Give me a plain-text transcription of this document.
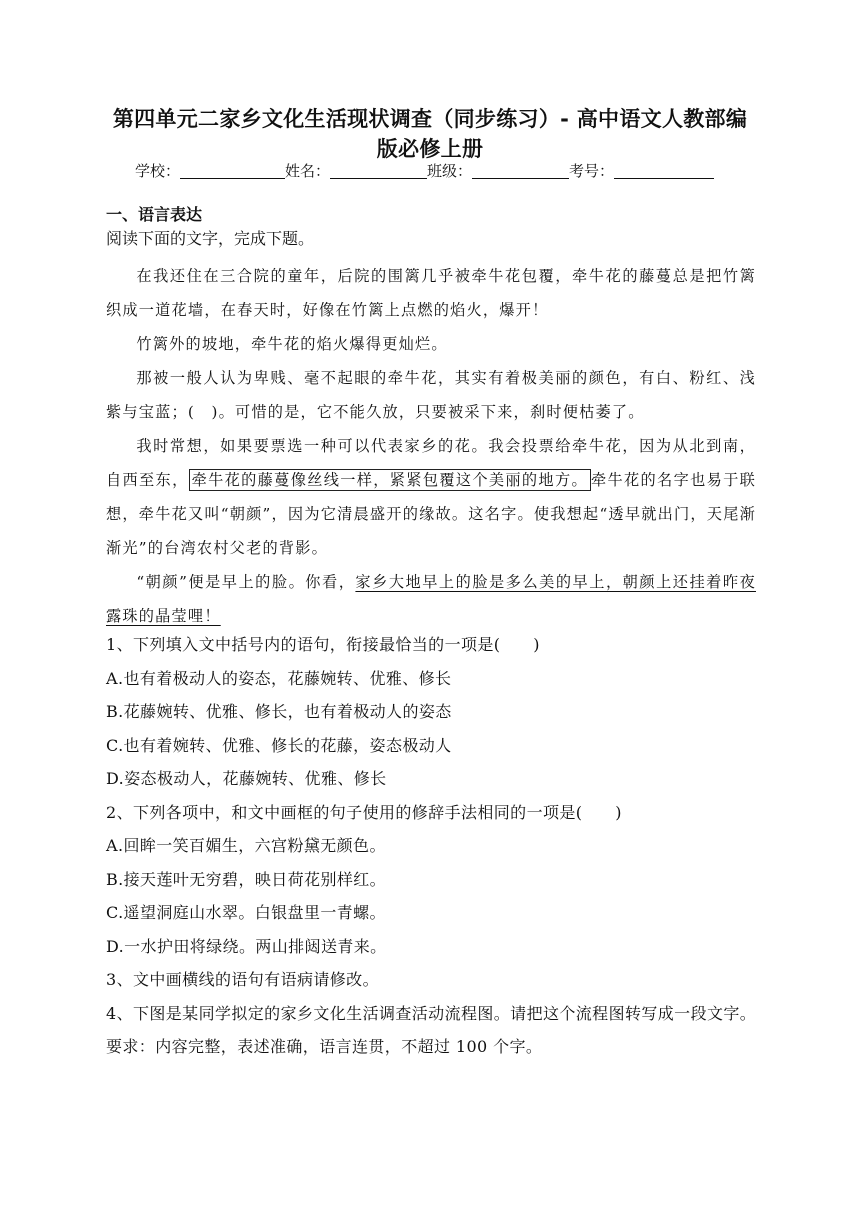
第四单元二家乡文化生活现状调查（同步练习）- 高中语文人教部编
版必修上册
学校：	姓名：	班级：	考号：
一、语言表达
阅读下面的文字，完成下题。

在我还住在三合院的童年，后院的围篱几乎被牵牛花包覆，牵牛花的藤蔓总是把竹篱织成一道花墙，在春天时，好像在竹篱上点燃的焰火，爆开！

竹篱外的坡地，牵牛花的焰火爆得更灿烂。

那被一般人认为卑贱、毫不起眼的牵牛花，其实有着极美丽的颜色，有白、粉红、浅紫与宝蓝；(　)。可惜的是，它不能久放，只要被采下来，刹时便枯萎了。

我时常想，如果要票选一种可以代表家乡的花。我会投票给牵牛花，因为从北到南，自西至东， 牵牛花的藤蔓像丝线一样，紧紧包覆这个美丽的地方。 牵牛花的名字也易于联想，牵牛花又叫“朝颜”，因为它清晨盛开的缘故。这名字。使我想起“透早就出门，天尾渐渐光”的台湾农村父老的背影。

“朝颜”便是早上的脸。你看，家乡大地早上的脸是多么美的早上，朝颜上还挂着昨夜露珠的晶莹哩！

1、下列填入文中括号内的语句，衔接最恰当的一项是(　　)
A.也有着极动人的姿态，花藤婉转、优雅、修长
B.花藤婉转、优雅、修长，也有着极动人的姿态
C.也有着婉转、优雅、修长的花藤，姿态极动人
D.姿态极动人，花藤婉转、优雅、修长
2、下列各项中，和文中画框的句子使用的修辞手法相同的一项是(　　)
A.回眸一笑百媚生，六宫粉黛无颜色。
B.接天莲叶无穷碧，映日荷花别样红。
C.遥望洞庭山水翠。白银盘里一青螺。
D.一水护田将绿绕。两山排闼送青来。
3、文中画横线的语句有语病请修改。
4、下图是某同学拟定的家乡文化生活调查活动流程图。请把这个流程图转写成一段文字。要求：内容完整，表述准确，语言连贯，不超过 100 个字。
